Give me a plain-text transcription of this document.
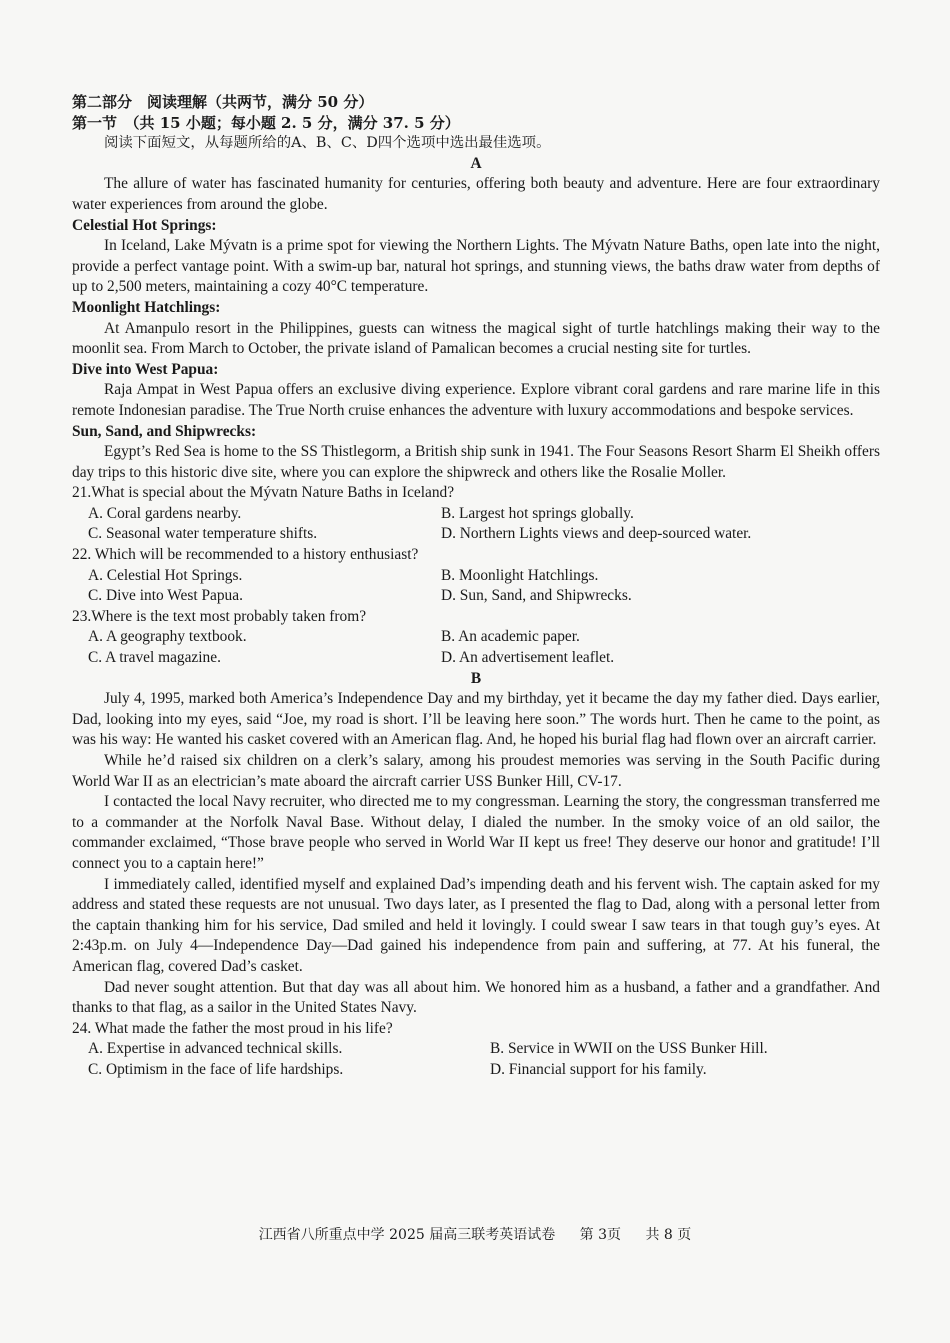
第二部分　阅读理解（共两节，满分 50 分）
第一节　（共 15 小题；每小题 2. 5 分，满分 37. 5 分）
阅读下面短文，从每题所给的A、B、C、D四个选项中选出最佳选项。
A

The allure of water has fascinated humanity for centuries, offering both beauty and adventure. Here are four extraordinary water experiences from around the globe.

Celestial Hot Springs:

In Iceland, Lake Mývatn is a prime spot for viewing the Northern Lights. The Mývatn Nature Baths, open late into the night, provide a perfect vantage point. With a swim-up bar, natural hot springs, and stunning views, the baths draw water from depths of up to 2,500 meters, maintaining a cozy 40°C temperature.

Moonlight Hatchlings:

At Amanpulo resort in the Philippines, guests can witness the magical sight of turtle hatchlings making their way to the moonlit sea. From March to October, the private island of Pamalican becomes a crucial nesting site for turtles.

Dive into West Papua:

Raja Ampat in West Papua offers an exclusive diving experience. Explore vibrant coral gardens and rare marine life in this remote Indonesian paradise. The True North cruise enhances the adventure with luxury accommodations and bespoke services.

Sun, Sand, and Shipwrecks:

Egypt’s Red Sea is home to the SS Thistlegorm, a British ship sunk in 1941. The Four Seasons Resort Sharm El Sheikh offers day trips to this historic dive site, where you can explore the shipwreck and others like the Rosalie Moller.

21.What is special about the Mývatn Nature Baths in Iceland?

A. Coral gardens nearby.	B. Largest hot springs globally.
C. Seasonal water temperature shifts.	D. Northern Lights views and deep-sourced water.

22. Which will be recommended to a history enthusiast?

A. Celestial Hot Springs.	B. Moonlight Hatchlings.
C. Dive into West Papua.	D. Sun, Sand, and Shipwrecks.

23.Where is the text most probably taken from?

A. A geography textbook.	B. An academic paper.
C. A travel magazine.	D. An advertisement leaflet.
B

July 4, 1995, marked both America’s Independence Day and my birthday, yet it became the day my father died. Days earlier, Dad, looking into my eyes, said “Joe, my road is short. I’ll be leaving here soon.” The words hurt. Then he came to the point, as was his way: He wanted his casket covered with an American flag. And, he hoped his burial flag had flown over an aircraft carrier.

While he’d raised six children on a clerk’s salary, among his proudest memories was serving in the South Pacific during World War II as an electrician’s mate aboard the aircraft carrier USS Bunker Hill, CV-17.

I contacted the local Navy recruiter, who directed me to my congressman. Learning the story, the congressman transferred me to a commander at the Norfolk Naval Base. Without delay, I dialed the number. In the smoky voice of an old sailor, the commander exclaimed, “Those brave people who served in World War II kept us free! They deserve our honor and gratitude! I’ll connect you to a captain here!”

I immediately called, identified myself and explained Dad’s impending death and his fervent wish. The captain asked for my address and stated these requests are not unusual. Two days later, as I presented the flag to Dad, along with a personal letter from the captain thanking him for his service, Dad smiled and held it lovingly. I could swear I saw tears in that tough guy’s eyes. At 2:43p.m. on July 4—Independence Day—Dad gained his independence from pain and suffering, at 77. At his funeral, the American flag, covered Dad’s casket.

Dad never sought attention. But that day was all about him. We honored him as a husband, a father and a grandfather. And thanks to that flag, as a sailor in the United States Navy.

24. What made the father the most proud in his life?

A. Expertise in advanced technical skills.	B. Service in WWII on the USS Bunker Hill.
C. Optimism in the face of life hardships.	D. Financial support for his family.
江西省八所重点中学 2025 届高三联考英语试卷 第 3页 共 8 页
